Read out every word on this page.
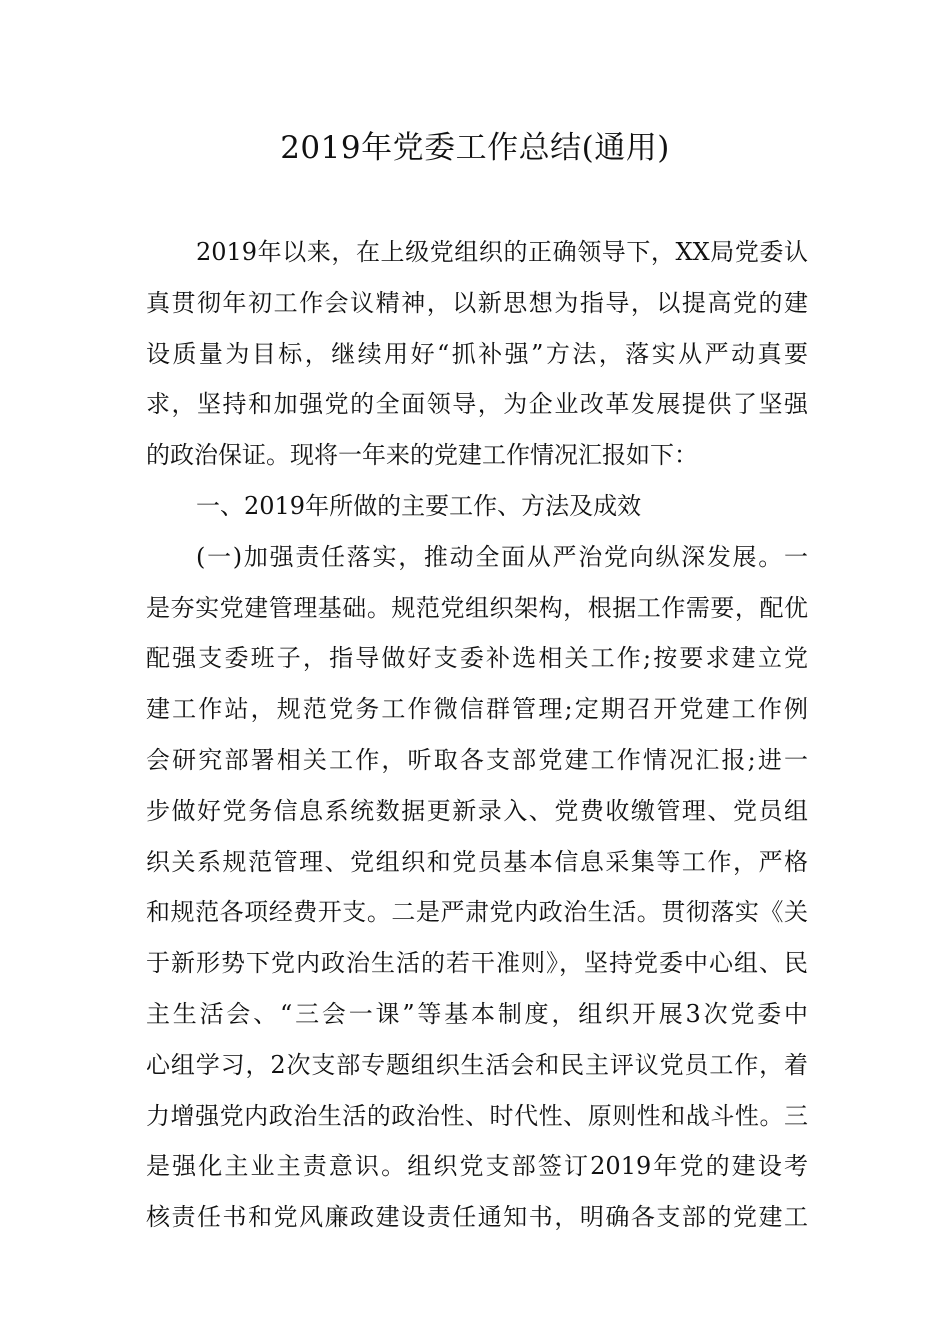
2019年党委工作总结(通用)
2019年以来，在上级党组织的正确领导下，XX局党委认
真贯彻年初工作会议精神，以新思想为指导，以提高党的建
设质量为目标，继续用好“抓补强”方法，落实从严动真要
求，坚持和加强党的全面领导，为企业改革发展提供了坚强
的政治保证。现将一年来的党建工作情况汇报如下：
一、2019年所做的主要工作、方法及成效
(一)加强责任落实，推动全面从严治党向纵深发展。一
是夯实党建管理基础。规范党组织架构，根据工作需要，配优
配强支委班子，指导做好支委补选相关工作;按要求建立党
建工作站，规范党务工作微信群管理;定期召开党建工作例
会研究部署相关工作，听取各支部党建工作情况汇报;进一
步做好党务信息系统数据更新录入、党费收缴管理、党员组
织关系规范管理、党组织和党员基本信息采集等工作，严格
和规范各项经费开支。二是严肃党内政治生活。贯彻落实《关
于新形势下党内政治生活的若干准则》，坚持党委中心组、民
主生活会、“三会一课”等基本制度，组织开展3次党委中
心组学习，2次支部专题组织生活会和民主评议党员工作，着
力增强党内政治生活的政治性、时代性、原则性和战斗性。三
是强化主业主责意识。组织党支部签订2019年党的建设考
核责任书和党风廉政建设责任通知书，明确各支部的党建工
